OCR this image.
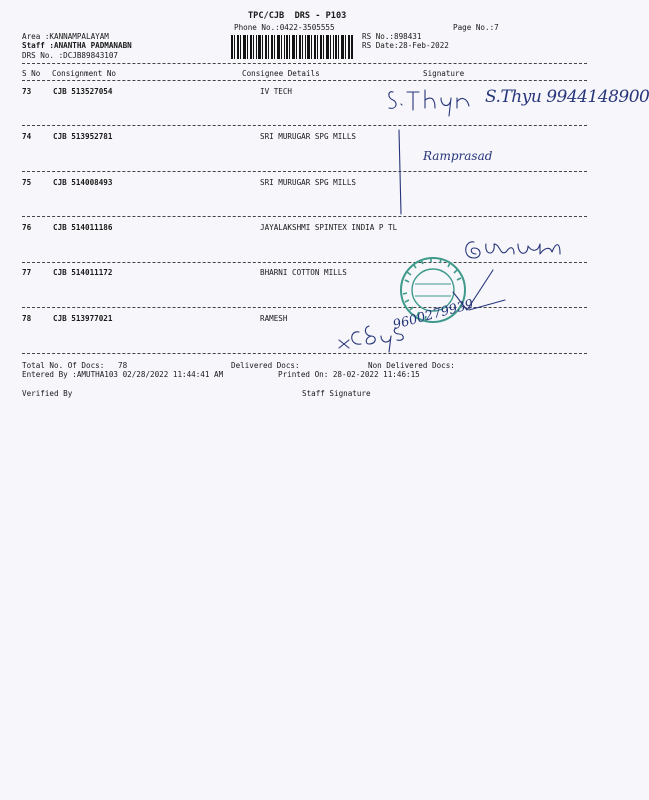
TPC/CJB  DRS - P103
Phone No.:0422-3505555	Page No.:7
Area :KANNAMPALAYAM
Staff :ANANTHA PADMANABN
DRS No. :DCJB89843107
RS No.:898431
RS Date:28-Feb-2022
S No Consignment No	Consignee Details	Signature
73	CJB 513527054	IV TECH
74	CJB 513952781	SRI MURUGAR SPG MILLS
75	CJB 514008493	SRI MURUGAR SPG MILLS
76	CJB 514011186	JAYALAKSHMI SPINTEX INDIA P TL
77	CJB 514011172	BHARNI COTTON MILLS
78	CJB 513977021	RAMESH
S.Thyu 9944148900
Ramprasad
9600279939
Total No. Of Docs:   78	Delivered Docs:	Non Delivered Docs:
Entered By :AMUTHA103 02/28/2022 11:44:41 AM	Printed On: 28-02-2022 11:46:15
Verified By	Staff Signature
